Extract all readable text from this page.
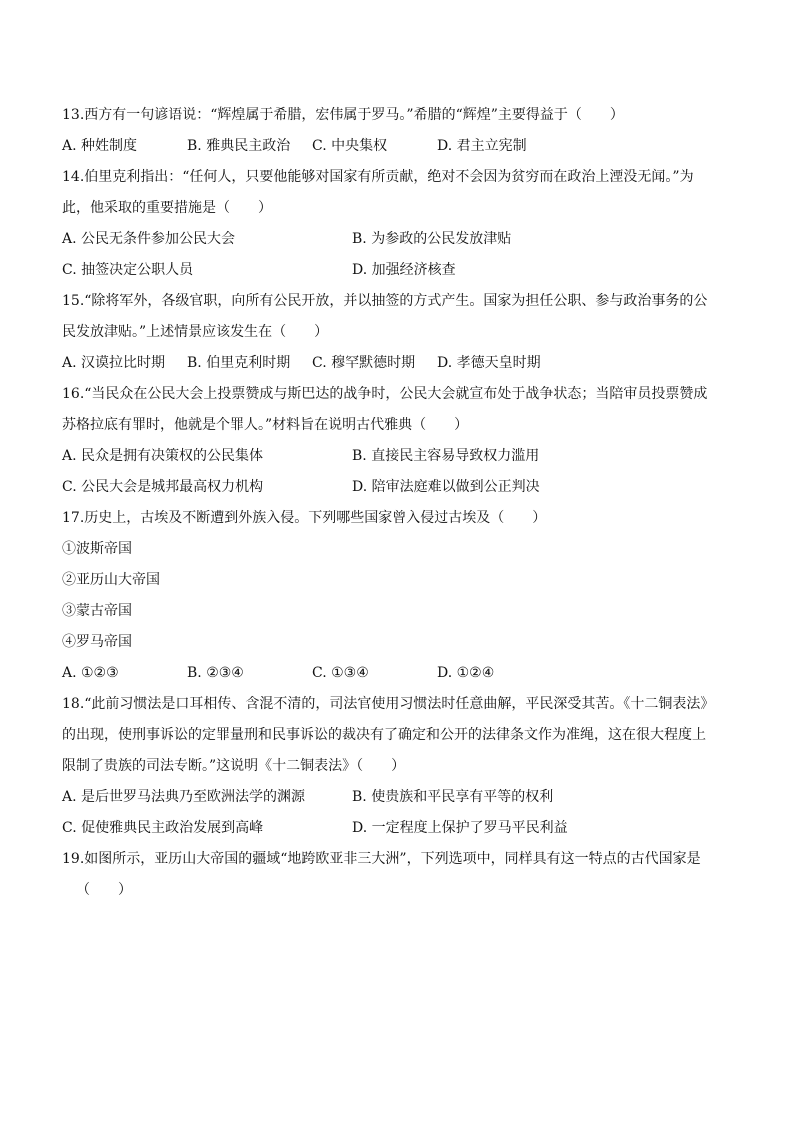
13.西方有一句谚语说：“辉煌属于希腊，宏伟属于罗马。”希腊的“辉煌”主要得益于（　　）
A. 种姓制度	B. 雅典民主政治	C. 中央集权	D. 君主立宪制
14.伯里克利指出：“任何人，只要他能够对国家有所贡献，绝对不会因为贫穷而在政治上湮没无闻。”为
此，他采取的重要措施是（　　）
A. 公民无条件参加公民大会	B. 为参政的公民发放津贴
C. 抽签决定公职人员	D. 加强经济核查
15.“除将军外，各级官职，向所有公民开放，并以抽签的方式产生。国家为担任公职、参与政治事务的公
民发放津贴。”上述情景应该发生在（　　）
A. 汉谟拉比时期	B. 伯里克利时期	C. 穆罕默德时期	D. 孝德天皇时期
16.“当民众在公民大会上投票赞成与斯巴达的战争时，公民大会就宣布处于战争状态；当陪审员投票赞成
苏格拉底有罪时，他就是个罪人。”材料旨在说明古代雅典（　　）
A. 民众是拥有决策权的公民集体	B. 直接民主容易导致权力滥用
C. 公民大会是城邦最高权力机构	D. 陪审法庭难以做到公正判决
17.历史上，古埃及不断遭到外族入侵。下列哪些国家曾入侵过古埃及（　　）
①波斯帝国
②亚历山大帝国
③蒙古帝国
④罗马帝国
A. ①②③	B. ②③④	C. ①③④	D. ①②④
18.“此前习惯法是口耳相传、含混不清的，司法官使用习惯法时任意曲解，平民深受其苦。《十二铜表法》
的出现，使刑事诉讼的定罪量刑和民事诉讼的裁决有了确定和公开的法律条文作为准绳，这在很大程度上
限制了贵族的司法专断。”这说明《十二铜表法》（　　）
A. 是后世罗马法典乃至欧洲法学的渊源	B. 使贵族和平民享有平等的权利
C. 促使雅典民主政治发展到高峰	D. 一定程度上保护了罗马平民利益
19.如图所示，亚历山大帝国的疆域“地跨欧亚非三大洲”，下列选项中，同样具有这一特点的古代国家是
（　　）
